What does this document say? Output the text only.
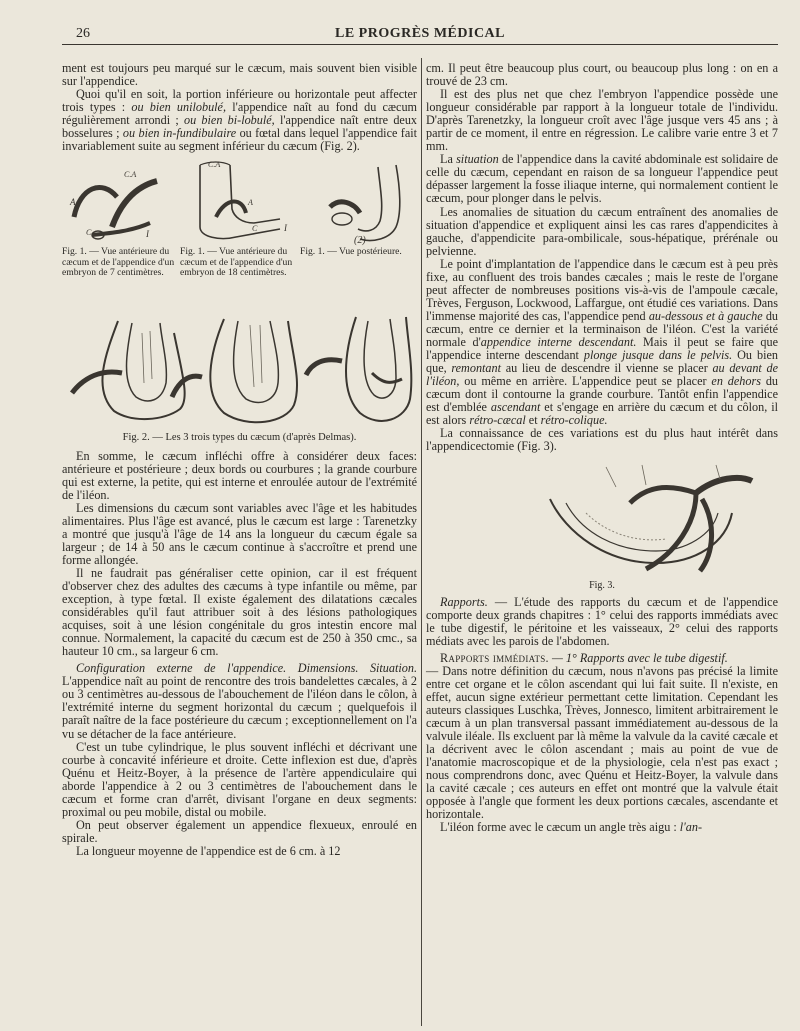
26	LE PROGRÈS MÉDICAL

ment est toujours peu marqué sur le cæcum, mais souvent bien visible sur l'appendice.

Quoi qu'il en soit, la portion inférieure ou horizontale peut affecter trois types : ou bien unilobulé, l'appendice naît au fond du cæcum régulièrement arrondi ; ou bien bi-lobulé, l'appendice naît entre deux bosselures ; ou bien in-fundibulaire ou fœtal dans lequel l'appendice fait invariablement suite au segment inférieur du cæcum (Fig. 2).

C.A
A
C	I
Fig. 1. — Vue antérieure du cæcum et de l'appendice d'un embryon de 7 centimètres.
C.A
A
C	I
Fig. 1. — Vue antérieure du cæcum et de l'appendice d'un embryon de 18 centimètres.
(2)
Fig. 1. — Vue postérieure.
Fig. 2. — Les 3 trois types du cæcum (d'après Delmas).

En somme, le cæcum infléchi offre à considérer deux faces: antérieure et postérieure ; deux bords ou courbures ; la grande courbure qui est externe, la petite, qui est interne et enroulée autour de l'extrémité de l'iléon.

Les dimensions du cæcum sont variables avec l'âge et les habitudes alimentaires. Plus l'âge est avancé, plus le cæcum est large : Tarenetzky a montré que jusqu'à l'âge de 14 ans la longueur du cæcum égale sa largeur ; de 14 à 50 ans le cæcum continue à s'accroître et prend une forme allongée.

Il ne faudrait pas généraliser cette opinion, car il est fréquent d'observer chez des adultes des cæcums à type infantile ou même, par exception, à type fœtal. Il existe également des dilatations cæcales considérables qu'il faut attribuer soit à des lésions pathologiques acquises, soit à une lésion congénitale du gros intestin encore mal connue. Normalement, la capacité du cæcum est de 250 à 350 cmc., sa hauteur 10 cm., sa largeur 6 cm.

Configuration externe de l'appendice. Dimensions. Situation. L'appendice naît au point de rencontre des trois bandelettes cæcales, à 2 ou 3 centimètres au-dessous de l'abouchement de l'iléon dans le côlon, à l'extrémité interne du segment horizontal du cæcum ; quelquefois il paraît naître de la face postérieure du cæcum ; exceptionnellement on l'a vu se détacher de la face antérieure.

C'est un tube cylindrique, le plus souvent infléchi et décrivant une courbe à concavité inférieure et droite. Cette inflexion est due, d'après Quénu et Heitz-Boyer, à la présence de l'artère appendiculaire qui aborde l'appendice à 2 ou 3 centimètres de l'abouchement dans le cæcum et forme cran d'arrêt, divisant l'organe en deux segments: proximal ou peu mobile, distal ou mobile.

On peut observer également un appendice flexueux, enroulé en spirale.

La longueur moyenne de l'appendice est de 6 cm. à 12

cm. Il peut être beaucoup plus court, ou beaucoup plus long : on en a trouvé de 23 cm.

Il est des plus net que chez l'embryon l'appendice possède une longueur considérable par rapport à la longueur totale de l'individu. D'après Tarenetzky, la longueur croît avec l'âge jusque vers 45 ans ; à partir de ce moment, il entre en régression. Le calibre varie entre 3 et 7 mm.

La situation de l'appendice dans la cavité abdominale est solidaire de celle du cæcum, cependant en raison de sa longueur l'appendice peut dépasser largement la fosse iliaque interne, qui normalement contient le cæcum, pour plonger dans le pelvis.

Les anomalies de situation du cæcum entraînent des anomalies de situation d'appendice et expliquent ainsi les cas rares d'appendicites à gauche, d'appendicite para-ombilicale, sous-hépatique, prérénale ou pelvienne.

Le point d'implantation de l'appendice dans le cæcum est à peu près fixe, au confluent des trois bandes cæcales ; mais le reste de l'organe peut affecter de nombreuses positions vis-à-vis de l'ampoule cæcale, Trèves, Ferguson, Lockwood, Laffargue, ont étudié ces variations. Dans l'immense majorité des cas, l'appendice pend au-dessous et à gauche du cæcum, entre ce dernier et la terminaison de l'iléon. C'est la variété normale d'appendice interne descendant. Mais il peut se faire que l'appendice interne descendant plonge jusque dans le pelvis. Ou bien que, remontant au lieu de descendre il vienne se placer au devant de l'iléon, ou même en arrière. L'appendice peut se placer en dehors du cæcum dont il contourne la grande courbure. Tantôt enfin l'appendice est d'emblée ascendant et s'engage en arrière du cæcum et du côlon, il est alors rétro-cæcal et rétro-colique.

La connaissance de ces variations est du plus haut intérêt dans l'appendicectomie (Fig. 3).

Fig. 3.

Rapports. — L'étude des rapports du cæcum et de l'appendice comporte deux grands chapitres : 1° celui des rapports immédiats avec le tube digestif, le péritoine et les vaisseaux, 2° celui des rapports médiats avec les parois de l'abdomen.

Rapports immédiats. — 1° Rapports avec le tube digestif.

— Dans notre définition du cæcum, nous n'avons pas précisé la limite entre cet organe et le côlon ascendant qui lui fait suite. Il n'existe, en effet, aucun signe extérieur permettant cette limitation. Cependant les auteurs classiques Luschka, Trèves, Jonnesco, limitent arbitrairement le cæcum à un plan transversal passant immédiatement au-dessous de la valvule iléale. Ils excluent par là même la valvule da la cavité cæcale et la décrivent avec le côlon ascendant ; mais au point de vue de l'anatomie macroscopique et de la physiologie, cela n'est pas exact ; nous comprendrons donc, avec Quénu et Heitz-Boyer, la valvule dans la cavité cæcale ; ces auteurs en effet ont montré que la valvule était opposée à l'angle que forment les deux portions cæcales, ascendante et horizontale.

L'iléon forme avec le cæcum un angle très aigu : l'an-
